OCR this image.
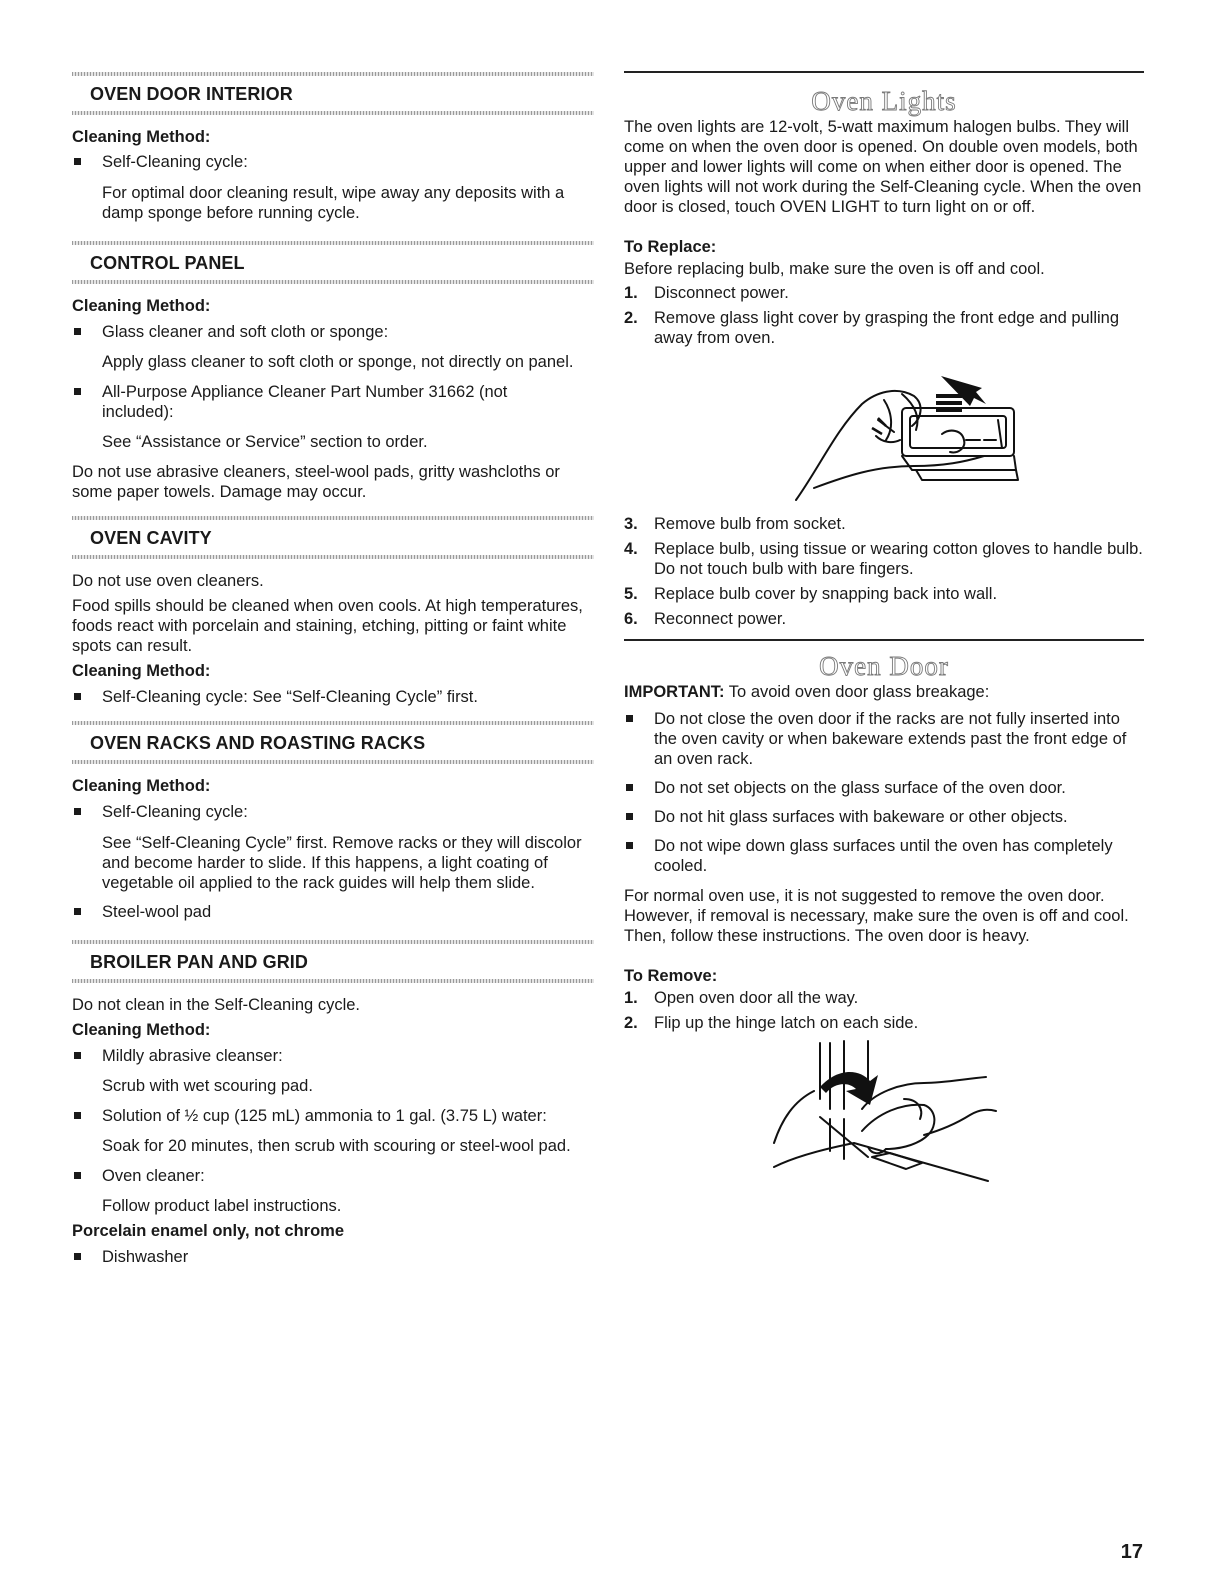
OVEN DOOR INTERIOR

Cleaning Method:

Self-Cleaning cycle:

For optimal door cleaning result, wipe away any deposits with a damp sponge before running cycle.

CONTROL PANEL

Cleaning Method:

Glass cleaner and soft cloth or sponge:

Apply glass cleaner to soft cloth or sponge, not directly on panel.

All-Purpose Appliance Cleaner Part Number 31662 (not included):

See “Assistance or Service” section to order.

Do not use abrasive cleaners, steel-wool pads, gritty washcloths or some paper towels. Damage may occur.

OVEN CAVITY

Do not use oven cleaners.

Food spills should be cleaned when oven cools. At high temperatures, foods react with porcelain and staining, etching, pitting or faint white spots can result.

Cleaning Method:

Self-Cleaning cycle: See “Self-Cleaning Cycle” first.

OVEN RACKS AND ROASTING RACKS

Cleaning Method:

Self-Cleaning cycle:

See “Self-Cleaning Cycle” first. Remove racks or they will discolor and become harder to slide. If this happens, a light coating of vegetable oil applied to the rack guides will help them slide.

Steel-wool pad

BROILER PAN AND GRID

Do not clean in the Self-Cleaning cycle.

Cleaning Method:

Mildly abrasive cleanser:

Scrub with wet scouring pad.

Solution of ½ cup (125 mL) ammonia to 1 gal. (3.75 L) water:

Soak for 20 minutes, then scrub with scouring or steel-wool pad.

Oven cleaner:

Follow product label instructions.

Porcelain enamel only, not chrome

Dishwasher

Oven Lights

The oven lights are 12-volt, 5-watt maximum halogen bulbs. They will come on when the oven door is opened. On double oven models, both upper and lower lights will come on when either door is opened. The oven lights will not work during the Self-Cleaning cycle. When the oven door is closed, touch OVEN LIGHT to turn light on or off.

To Replace:

Before replacing bulb, make sure the oven is off and cool.

1. Disconnect power.
2. Remove glass light cover by grasping the front edge and pulling away from oven.
3. Remove bulb from socket.
4. Replace bulb, using tissue or wearing cotton gloves to handle bulb. Do not touch bulb with bare fingers.
5. Replace bulb cover by snapping back into wall.
6. Reconnect power.
Oven Door

IMPORTANT: To avoid oven door glass breakage:

Do not close the oven door if the racks are not fully inserted into the oven cavity or when bakeware extends past the front edge of an oven rack.

Do not set objects on the glass surface of the oven door.

Do not hit glass surfaces with bakeware or other objects.

Do not wipe down glass surfaces until the oven has completely cooled.

For normal oven use, it is not suggested to remove the oven door. However, if removal is necessary, make sure the oven is off and cool. Then, follow these instructions. The oven door is heavy.

To Remove:

1. Open oven door all the way.
2. Flip up the hinge latch on each side.
17
